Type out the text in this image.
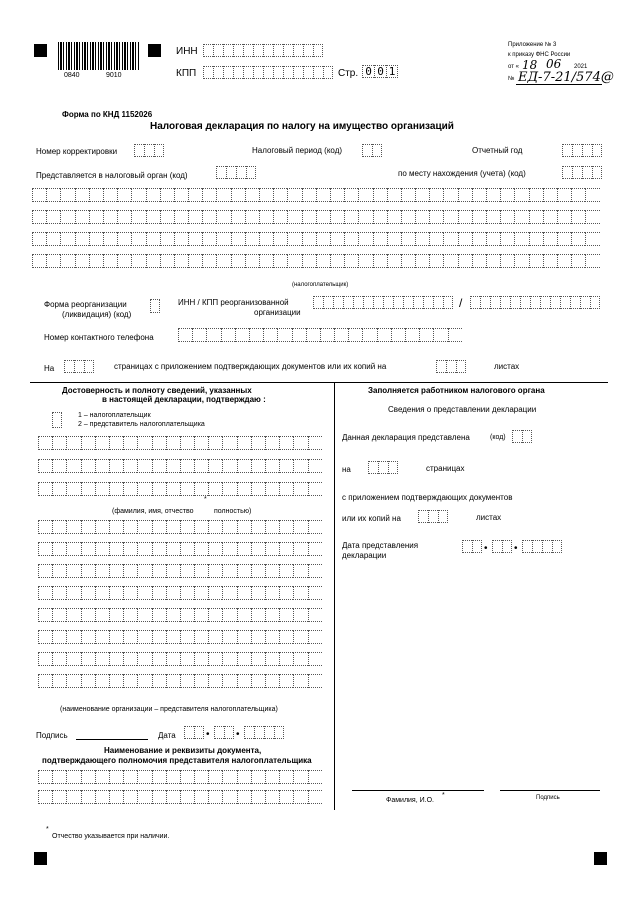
0840	9010
ИНН
КПП	Стр. 0 0 1
Приложение № 3
к приказу ФНС России
от « 18 06 2021
№ ЕД-7-21/574@
Форма по КНД 1152026
Налоговая декларация по налогу на имущество организаций
Номер корректировки	Налоговый период (код)	Отчетный год
Представляется в налоговый орган (код)	по месту нахождения (учета) (код)
(налогоплательщик)
Форма реорганизации
(ликвидация) (код)
ИНН / КПП реорганизованной
организации
/
Номер контактного телефона
На	страницах с приложением подтверждающих документов или их копий на	листах
Достоверность и полноту сведений, указанных
в настоящей декларации, подтверждаю :
1 – налогоплательщик
2 – представитель налогоплательщика
(фамилия, имя, отчество	полностью)
*
(наименование организации – представителя налогоплательщика)
Подпись	Дата	•	•
Наименование и реквизиты документа,
подтверждающего полномочия представителя налогоплательщика
Заполняется работником налогового органа
Сведения о представлении декларации
Данная декларация представлена	(код)
на	страницах
с приложением подтверждающих документов
или их копий на	листах
Дата представления
декларации
•	•
Фамилия, И.О.
*	Подпись
*
Отчество указывается при наличии.
